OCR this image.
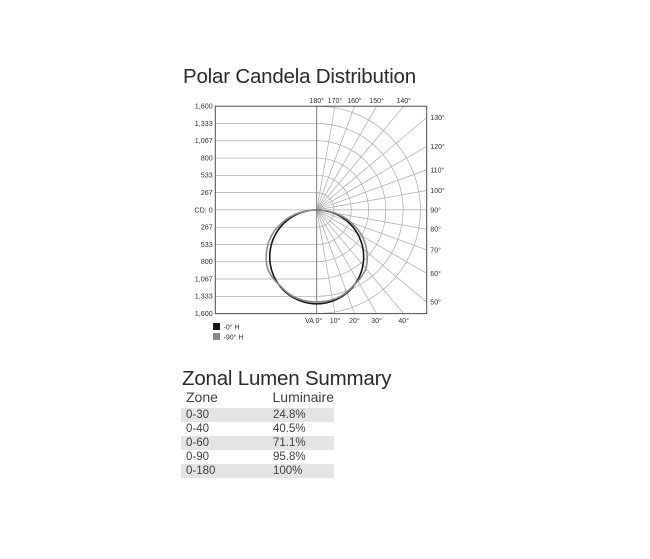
Polar Candela Distribution
1,600
1,333
1,067
800
533
267
CD: 0
267
533
800
1,067
1,333
1,600
180° 170° 160° 150° 140°
VA 0° 10° 20° 30° 40°
130°
120°
110°
100°
90°
80°
70°
60°
50°
-0° H
-90° H
Zonal Lumen Summary
Zone	Luminaire
0-30	24.8%
0-40	40.5%
0-60	71.1%
0-90	95.8%
0-180	100%
